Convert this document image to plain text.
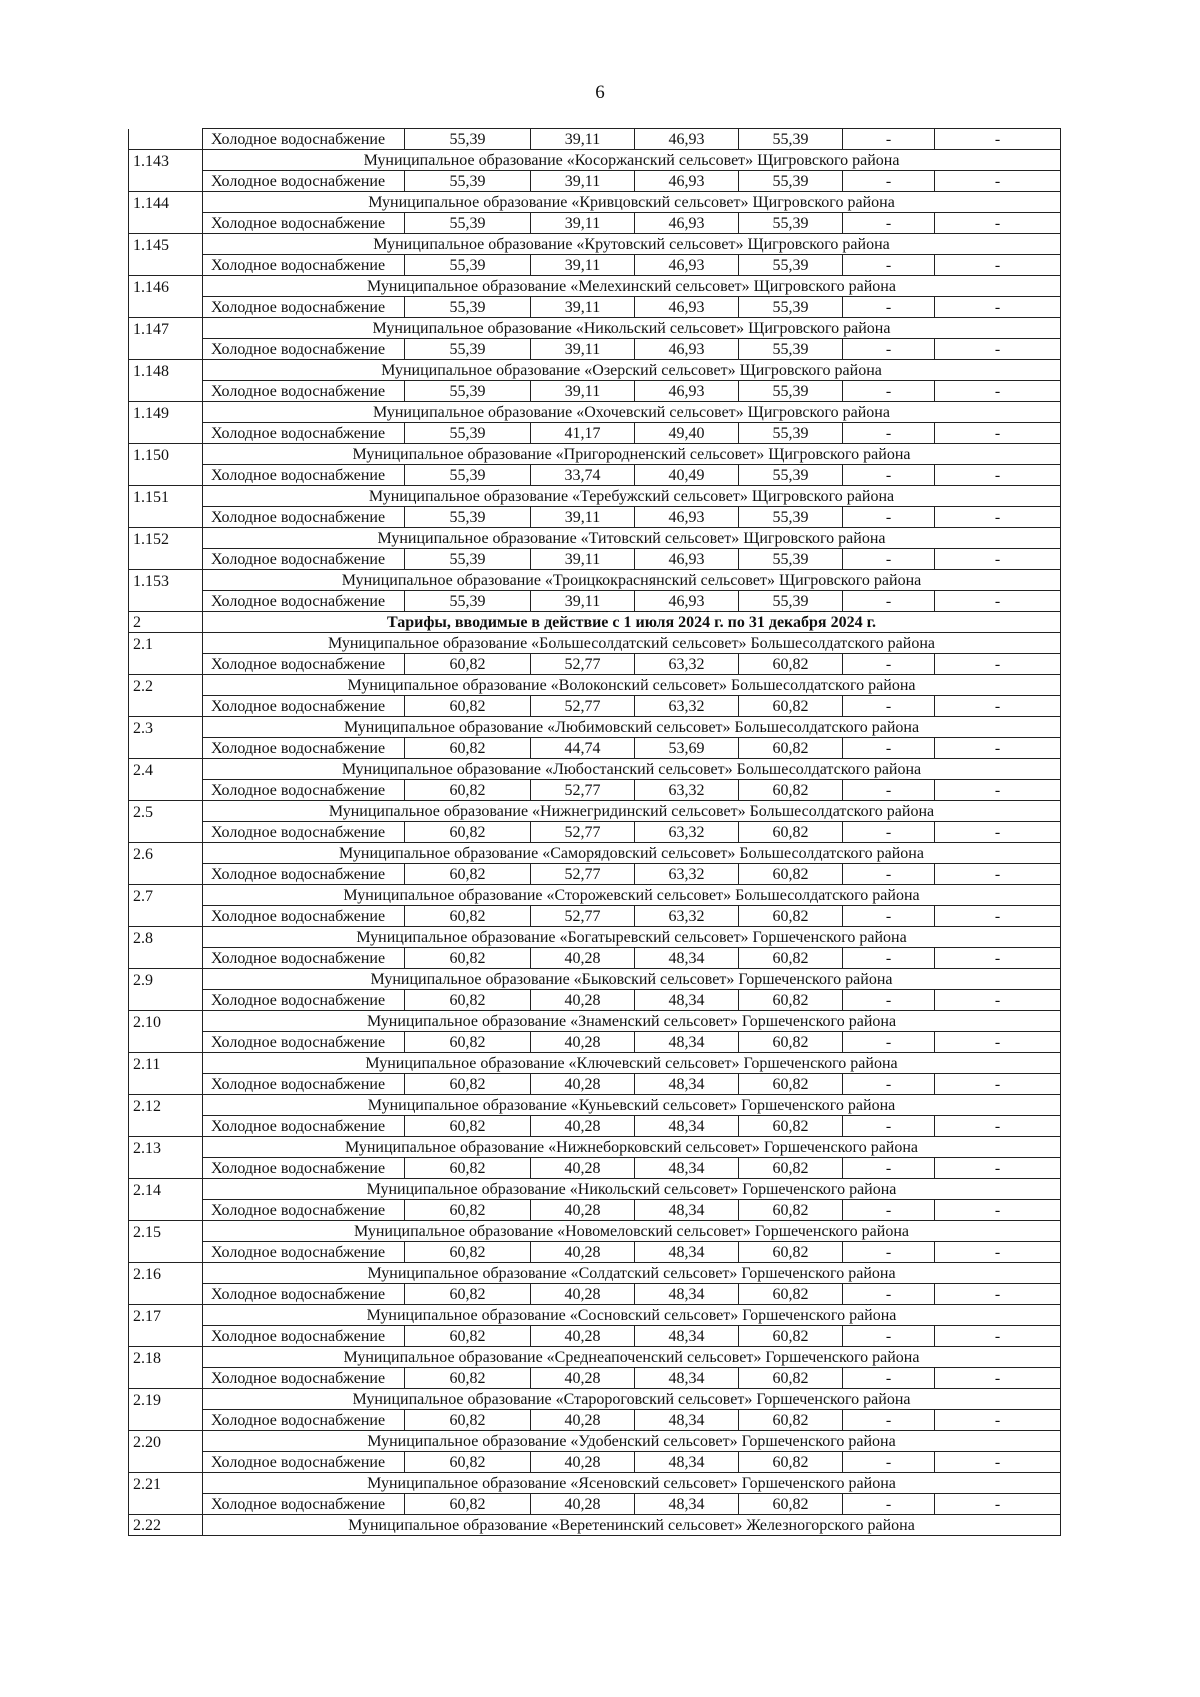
6
	Холодное водоснабжение	55,39	39,11	46,93	55,39	-	-
1.143	Муниципальное образование «Косоржанский сельсовет» Щигровского района						
	Холодное водоснабжение	55,39	39,11	46,93	55,39	-	-
1.144	Муниципальное образование «Кривцовский сельсовет» Щигровского района						
	Холодное водоснабжение	55,39	39,11	46,93	55,39	-	-
1.145	Муниципальное образование «Крутовский сельсовет» Щигровского района						
	Холодное водоснабжение	55,39	39,11	46,93	55,39	-	-
1.146	Муниципальное образование «Мелехинский сельсовет» Щигровского района						
	Холодное водоснабжение	55,39	39,11	46,93	55,39	-	-
1.147	Муниципальное образование «Никольский сельсовет» Щигровского района						
	Холодное водоснабжение	55,39	39,11	46,93	55,39	-	-
1.148	Муниципальное образование «Озерский сельсовет» Щигровского района						
	Холодное водоснабжение	55,39	39,11	46,93	55,39	-	-
1.149	Муниципальное образование «Охочевский сельсовет» Щигровского района						
	Холодное водоснабжение	55,39	41,17	49,40	55,39	-	-
1.150	Муниципальное образование «Пригородненский сельсовет» Щигровского района						
	Холодное водоснабжение	55,39	33,74	40,49	55,39	-	-
1.151	Муниципальное образование «Теребужский сельсовет» Щигровского района						
	Холодное водоснабжение	55,39	39,11	46,93	55,39	-	-
1.152	Муниципальное образование «Титовский сельсовет» Щигровского района						
	Холодное водоснабжение	55,39	39,11	46,93	55,39	-	-
1.153	Муниципальное образование «Троицкокраснянский сельсовет» Щигровского района						
	Холодное водоснабжение	55,39	39,11	46,93	55,39	-	-
2	Тарифы, вводимые в действие с 1 июля 2024 г. по 31 декабря 2024 г.						
2.1	Муниципальное образование «Большесолдатский сельсовет» Большесолдатского района						
	Холодное водоснабжение	60,82	52,77	63,32	60,82	-	-
2.2	Муниципальное образование «Волоконский сельсовет» Большесолдатского района						
	Холодное водоснабжение	60,82	52,77	63,32	60,82	-	-
2.3	Муниципальное образование «Любимовский сельсовет» Большесолдатского района						
	Холодное водоснабжение	60,82	44,74	53,69	60,82	-	-
2.4	Муниципальное образование «Любостанский сельсовет» Большесолдатского района						
	Холодное водоснабжение	60,82	52,77	63,32	60,82	-	-
2.5	Муниципальное образование «Нижнегридинский сельсовет» Большесолдатского района						
	Холодное водоснабжение	60,82	52,77	63,32	60,82	-	-
2.6	Муниципальное образование «Саморядовский сельсовет» Большесолдатского района						
	Холодное водоснабжение	60,82	52,77	63,32	60,82	-	-
2.7	Муниципальное образование «Сторожевский сельсовет» Большесолдатского района						
	Холодное водоснабжение	60,82	52,77	63,32	60,82	-	-
2.8	Муниципальное образование «Богатыревский сельсовет» Горшеченского района						
	Холодное водоснабжение	60,82	40,28	48,34	60,82	-	-
2.9	Муниципальное образование «Быковский сельсовет» Горшеченского района						
	Холодное водоснабжение	60,82	40,28	48,34	60,82	-	-
2.10	Муниципальное образование «Знаменский сельсовет» Горшеченского района						
	Холодное водоснабжение	60,82	40,28	48,34	60,82	-	-
2.11	Муниципальное образование «Ключевский сельсовет» Горшеченского района						
	Холодное водоснабжение	60,82	40,28	48,34	60,82	-	-
2.12	Муниципальное образование «Куньевский сельсовет» Горшеченского района						
	Холодное водоснабжение	60,82	40,28	48,34	60,82	-	-
2.13	Муниципальное образование «Нижнеборковский сельсовет» Горшеченского района						
	Холодное водоснабжение	60,82	40,28	48,34	60,82	-	-
2.14	Муниципальное образование «Никольский сельсовет» Горшеченского района						
	Холодное водоснабжение	60,82	40,28	48,34	60,82	-	-
2.15	Муниципальное образование «Новомеловский сельсовет» Горшеченского района						
	Холодное водоснабжение	60,82	40,28	48,34	60,82	-	-
2.16	Муниципальное образование «Солдатский сельсовет» Горшеченского района						
	Холодное водоснабжение	60,82	40,28	48,34	60,82	-	-
2.17	Муниципальное образование «Сосновский сельсовет» Горшеченского района						
	Холодное водоснабжение	60,82	40,28	48,34	60,82	-	-
2.18	Муниципальное образование «Среднеапоченский сельсовет» Горшеченского района						
	Холодное водоснабжение	60,82	40,28	48,34	60,82	-	-
2.19	Муниципальное образование «Старороговский сельсовет» Горшеченского района						
	Холодное водоснабжение	60,82	40,28	48,34	60,82	-	-
2.20	Муниципальное образование «Удобенский сельсовет» Горшеченского района						
	Холодное водоснабжение	60,82	40,28	48,34	60,82	-	-
2.21	Муниципальное образование «Ясеновский сельсовет» Горшеченского района						
	Холодное водоснабжение	60,82	40,28	48,34	60,82	-	-
2.22	Муниципальное образование «Веретенинский сельсовет» Железногорского района						
